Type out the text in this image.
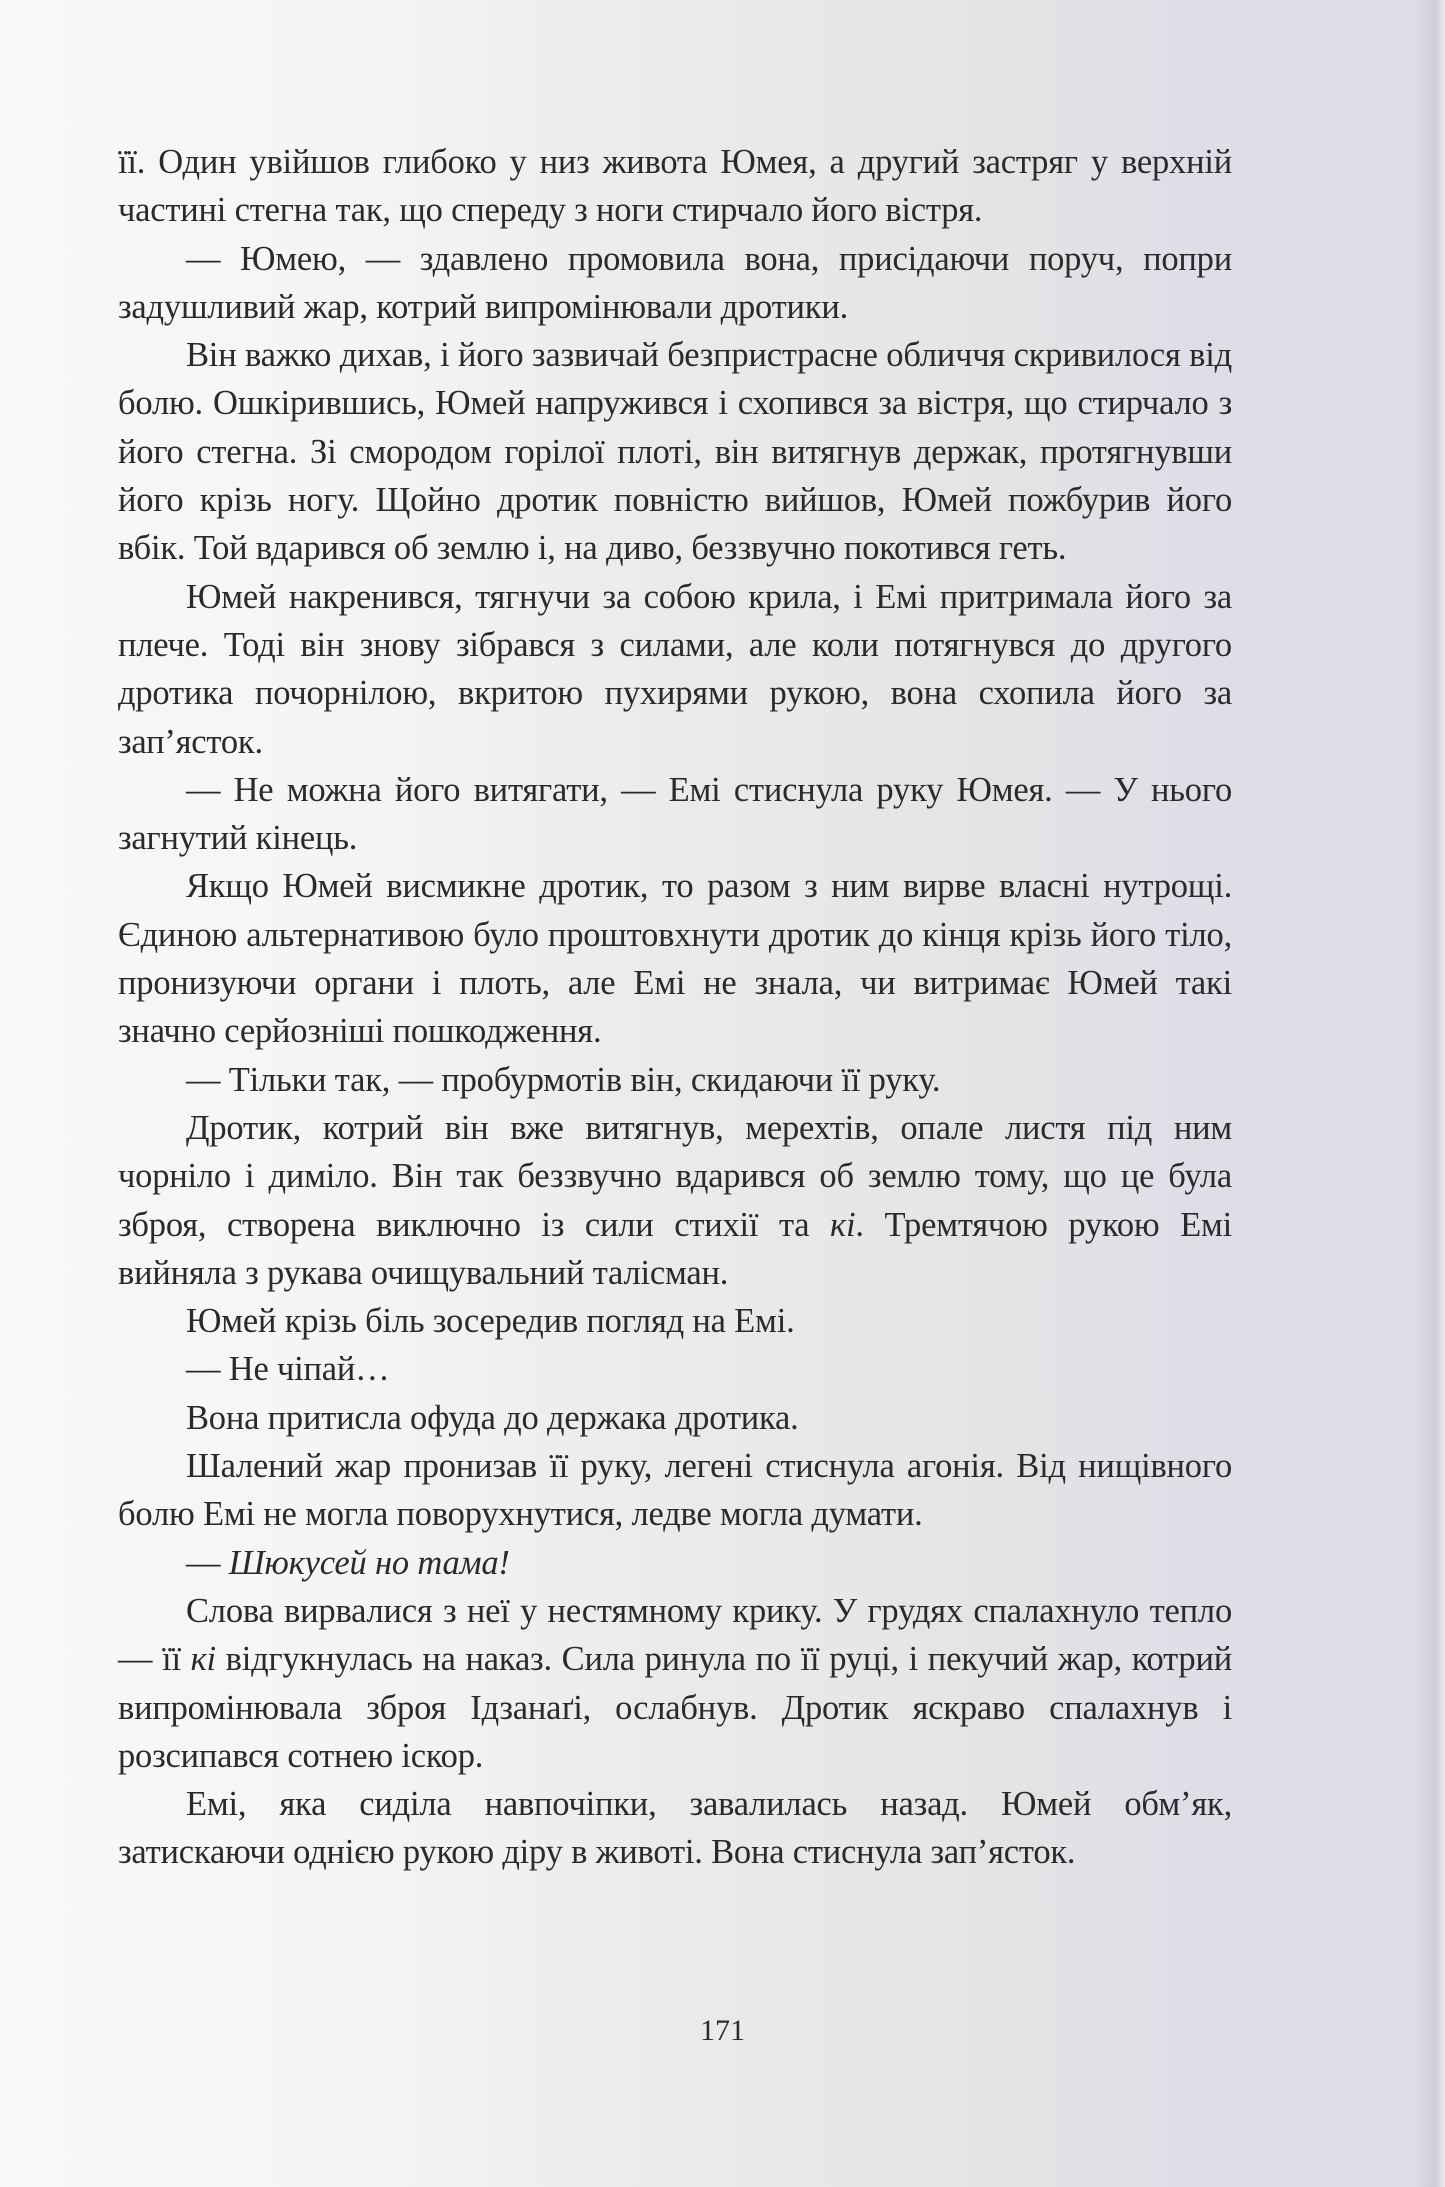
її. Один увійшов глибоко у низ живота Юмея, а другий застряг у верхній частині стегна так, що спереду з ноги стирчало його вістря.

— Юмею, — здавлено промовила вона, присідаючи поруч, попри задушливий жар, котрий випромінювали дротики.

Він важко дихав, і його зазвичай безпристрасне обличчя скривилося від болю. Ошкірившись, Юмей напружився і схопився за вістря, що стирчало з його стегна. Зі смородом горілої плоті, він витягнув держак, протягнувши його крізь ногу. Щойно дротик повністю вийшов, Юмей пожбурив його вбік. Той вдарився об землю і, на диво, беззвучно покотився геть.

Юмей накренився, тягнучи за собою крила, і Емі притримала його за плече. Тоді він знову зібрався з силами, але коли потягнувся до другого дротика почорнілою, вкритою пухирями рукою, вона схопила його за зап’ясток.

— Не можна його витягати, — Емі стиснула руку Юмея. — У нього загнутий кінець.

Якщо Юмей висмикне дротик, то разом з ним вирве власні нутрощі. Єдиною альтернативою було проштовхнути дротик до кінця крізь його тіло, пронизуючи органи і плоть, але Емі не знала, чи витримає Юмей такі значно серйозніші пошкодження.

— Тільки так, — пробурмотів він, скидаючи її руку.

Дротик, котрий він вже витягнув, мерехтів, опале листя під ним чорніло і диміло. Він так беззвучно вдарився об землю тому, що це була зброя, створена виключно із сили стихії та кі. Тремтячою рукою Емі вийняла з рукава очищувальний талісман.

Юмей крізь біль зосередив погляд на Емі.

— Не чіпай…

Вона притисла офуда до держака дротика.

Шалений жар пронизав її руку, легені стиснула агонія. Від нищівного болю Емі не могла поворухнутися, ледве могла думати.

— Шюкусей но тама!

Слова вирвалися з неї у нестямному крику. У грудях спалахнуло тепло — її кі відгукнулась на наказ. Сила ринула по її руці, і пекучий жар, котрий випромінювала зброя Ідзанаґі, ослабнув. Дротик яскраво спалахнув і розсипався сотнею іскор.

Емі, яка сиділа навпочіпки, завалилась назад. Юмей обм’як, затискаючи однією рукою діру в животі. Вона стиснула зап’ясток.

171
